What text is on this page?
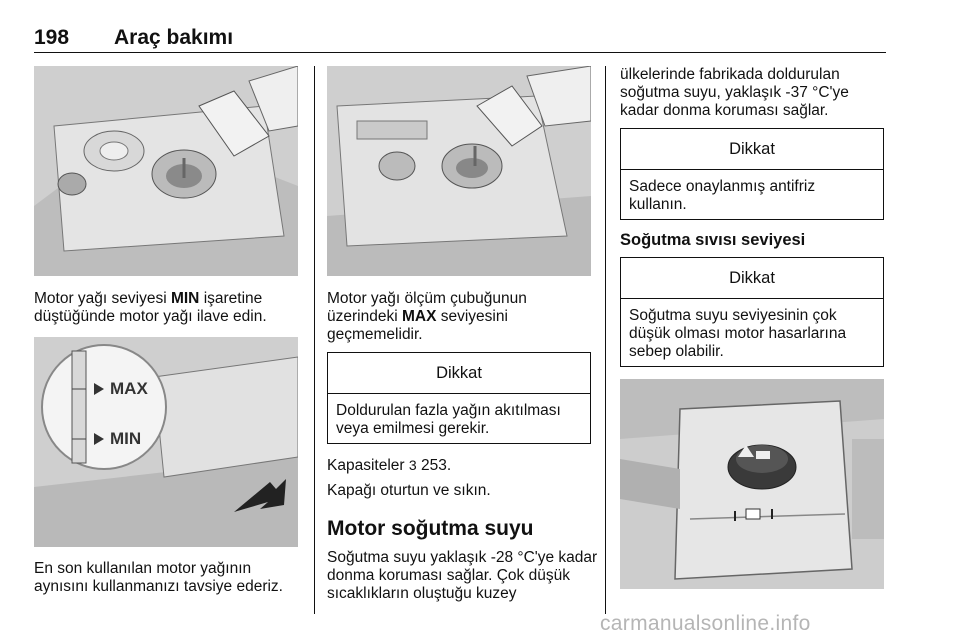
198 Araç bakımı

Motor yağı seviyesi MIN işaretine düştüğünde motor yağı ilave edin.

MAX
MIN

En son kullanılan motor yağının aynısını kullanmanızı tavsiye ederiz.

Motor yağı ölçüm çubuğunun üzerindeki MAX seviyesini geçmemelidir.

Dikkat
Doldurulan fazla yağın akıtılması veya emilmesi gerekir.

Kapasiteler 3 253.

Kapağı oturtun ve sıkın.

Motor soğutma suyu

Soğutma suyu yaklaşık -28 °C'ye kadar donma koruması sağlar. Çok düşük sıcaklıkların oluştuğu kuzey

ülkelerinde fabrikada doldurulan soğutma suyu, yaklaşık -37 °C'ye kadar donma koruması sağlar.

Dikkat
Sadece onaylanmış antifriz kullanın.
Soğutma sıvısı seviyesi
Dikkat
Soğutma suyu seviyesinin çok düşük olması motor hasarlarına sebep olabilir.
carmanualsonline.info
